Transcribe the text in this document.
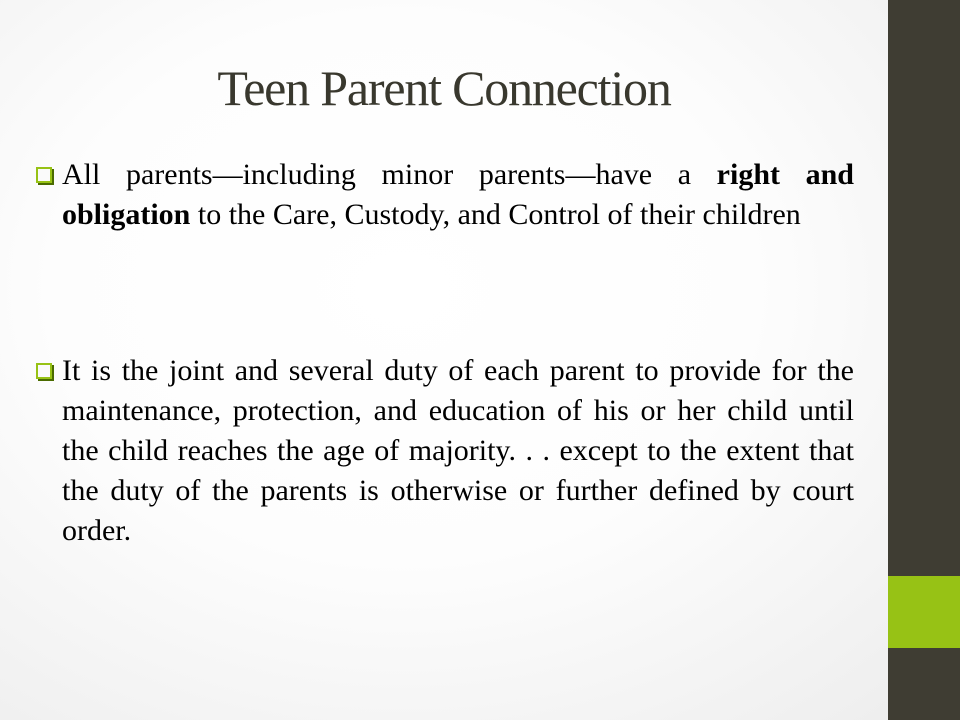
Teen Parent Connection
All parents—including minor parents—have a right and obligation to the Care, Custody, and Control of their children
It is the joint and several duty of each parent to provide for the maintenance, protection, and education of his or her child until the child reaches the age of majority. . . except to the extent that the duty of the parents is otherwise or further defined by court order.
